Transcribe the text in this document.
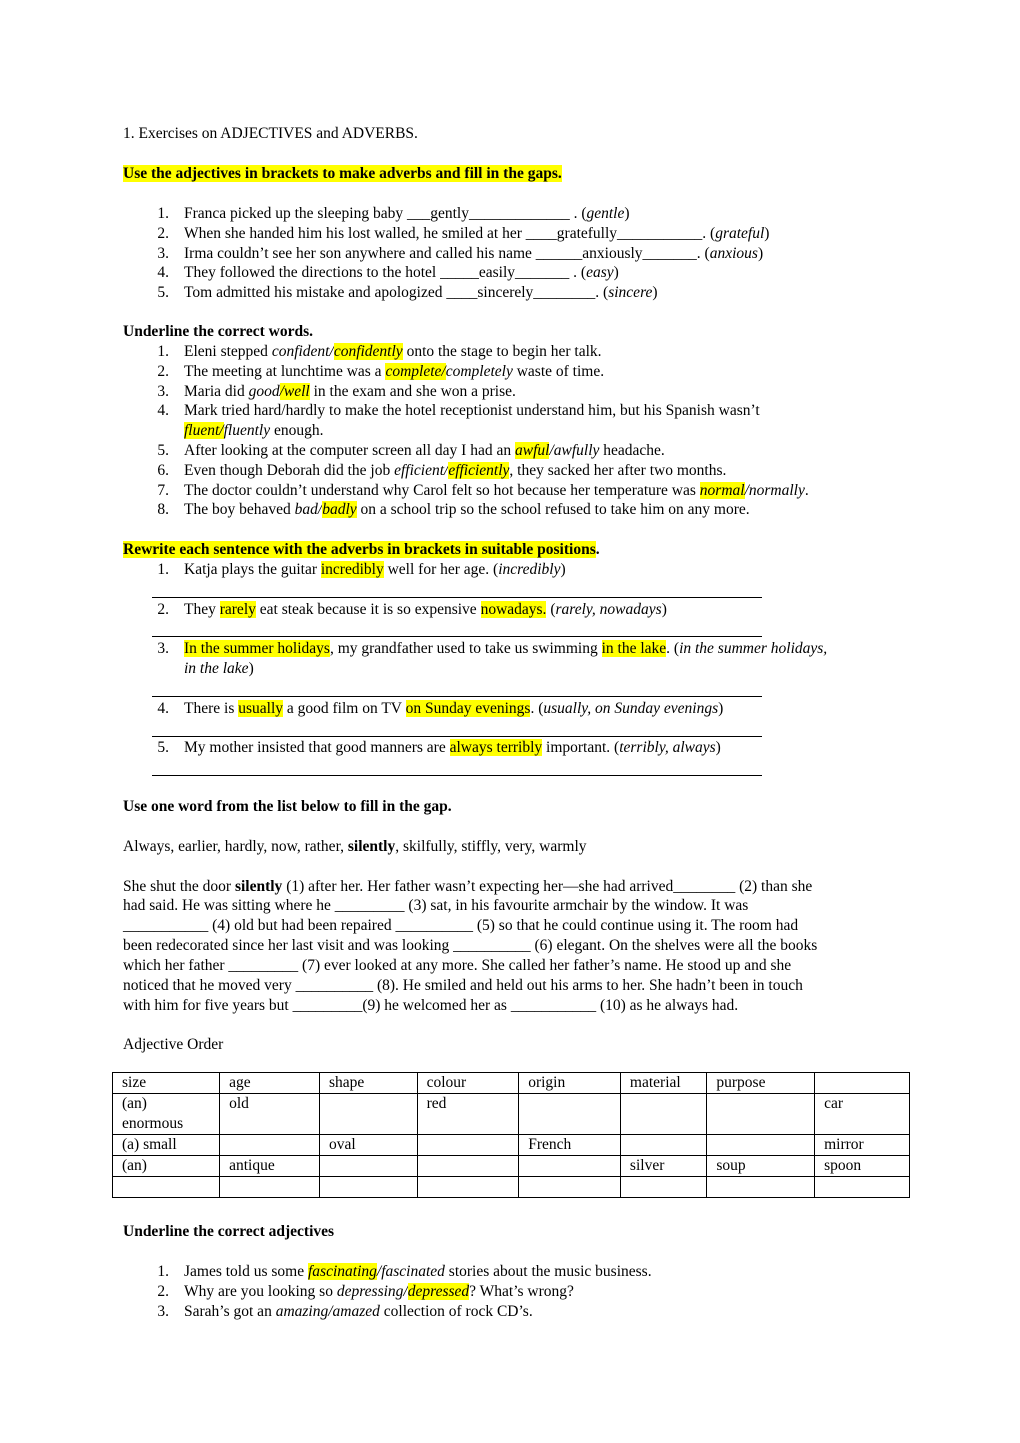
1. Exercises on ADJECTIVES and ADVERBS.
Use the adjectives in brackets to make adverbs and fill in the gaps.
1. Franca picked up the sleeping baby ___gently_____________ . (gentle)
2. When she handed him his lost walled, he smiled at her ____gratefully___________. (grateful)
3. Irma couldn’t see her son anywhere and called his name ______anxiously_______. (anxious)
4. They followed the directions to the hotel _____easily_______ . (easy)
5. Tom admitted his mistake and apologized ____sincerely________. (sincere)
Underline the correct words.
1. Eleni stepped confident/confidently onto the stage to begin her talk.
2. The meeting at lunchtime was a complete/completely waste of time.
3. Maria did good/well in the exam and she won a prise.
4. Mark tried hard/hardly to make the hotel receptionist understand him, but his Spanish wasn’t
fluent/fluently enough.
5. After looking at the computer screen all day I had an awful/awfully headache.
6. Even though Deborah did the job efficient/efficiently, they sacked her after two months.
7. The doctor couldn’t understand why Carol felt so hot because her temperature was normal/normally.
8. The boy behaved bad/badly on a school trip so the school refused to take him on any more.
Rewrite each sentence with the adverbs in brackets in suitable positions.
1. Katja plays the guitar incredibly well for her age. (incredibly)
2. They rarely eat steak because it is so expensive nowadays. (rarely, nowadays)
3. In the summer holidays, my grandfather used to take us swimming in the lake. (in the summer holidays,
4. There is usually a good film on TV on Sunday evenings. (usually, on Sunday evenings)
5. My mother insisted that good manners are always terribly important. (terribly, always)
in the lake)
Use one word from the list below to fill in the gap.
Always, earlier, hardly, now, rather, silently, skilfully, stiffly, very, warmly
She shut the door silently (1) after her. Her father wasn’t expecting her—she had arrived________ (2) than she
had said. He was sitting where he _________ (3) sat, in his favourite armchair by the window. It was
___________ (4) old but had been repaired __________ (5) so that he could continue using it. The room had
been redecorated since her last visit and was looking __________ (6) elegant. On the shelves were all the books
which her father _________ (7) ever looked at any more. She called her father’s name. He stood up and she
noticed that he moved very __________ (8). He smiled and held out his arms to her. She hadn’t been in touch
with him for five years but _________(9) he welcomed her as ___________ (10) as he always had.
Adjective Order
size	age	shape	colour	origin	material	purpose	
(an) enormous	old		red				car
(a) small		oval		French			mirror
(an)	antique				silver	soup	spoon

Underline the correct adjectives
1. James told us some fascinating/fascinated stories about the music business.
2. Why are you looking so depressing/depressed? What’s wrong?
3. Sarah’s got an amazing/amazed collection of rock CD’s.
